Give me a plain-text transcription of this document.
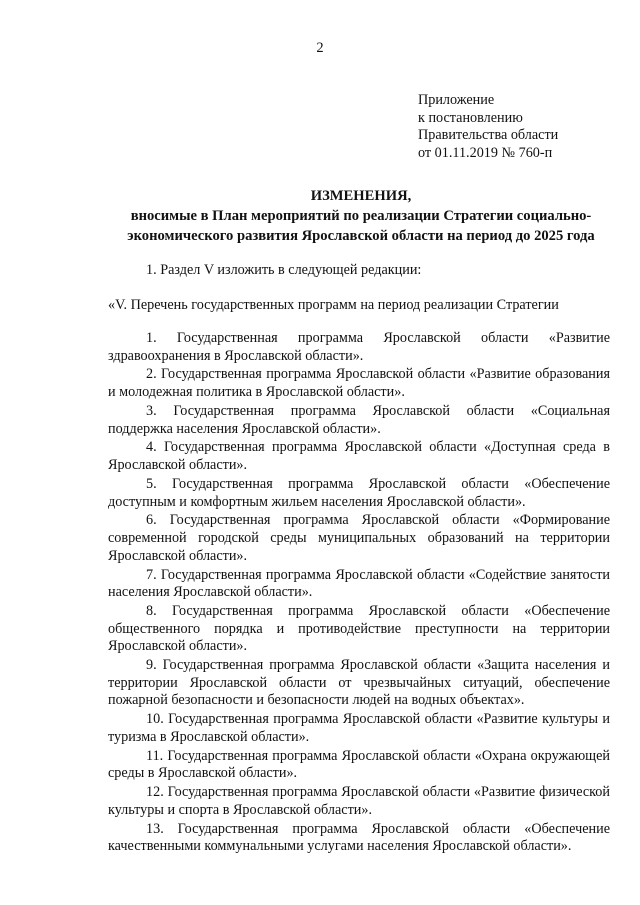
2
Приложение
к постановлению
Правительства области
от 01.11.2019 № 760-п
ИЗМЕНЕНИЯ,
вносимые в План мероприятий по реализации Стратегии социально-
экономического развития Ярославской области на период до 2025 года
1. Раздел V изложить в следующей редакции:
«V. Перечень государственных программ на период реализации Стратегии

1. Государственная программа Ярославской области «Развитие здравоохранения в Ярославской области».

2. Государственная программа Ярославской области «Развитие образования и молодежная политика в Ярославской области».

3. Государственная программа Ярославской области «Социальная поддержка населения Ярославской области».

4. Государственная программа Ярославской области «Доступная среда в Ярославской области».

5. Государственная программа Ярославской области «Обеспечение доступным и комфортным жильем населения Ярославской области».

6. Государственная программа Ярославской области «Формирование современной городской среды муниципальных образований на территории Ярославской области».

7. Государственная программа Ярославской области «Содействие занятости населения Ярославской области».

8. Государственная программа Ярославской области «Обеспечение общественного порядка и противодействие преступности на территории Ярославской области».

9. Государственная программа Ярославской области «Защита населения и территории Ярославской области от чрезвычайных ситуаций, обеспечение пожарной безопасности и безопасности людей на водных объектах».

10. Государственная программа Ярославской области «Развитие культуры и туризма в Ярославской области».

11. Государственная программа Ярославской области «Охрана окружающей среды в Ярославской области».

12. Государственная программа Ярославской области «Развитие физической культуры и спорта в Ярославской области».

13. Государственная программа Ярославской области «Обеспечение качественными коммунальными услугами населения Ярославской области».
